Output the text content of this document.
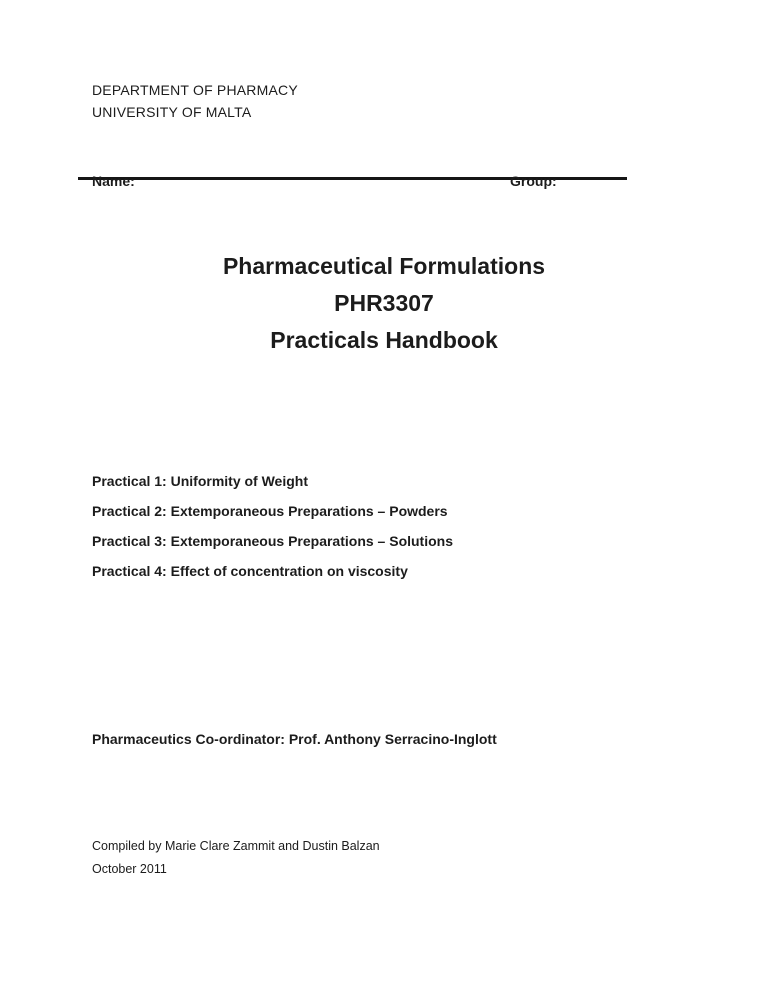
DEPARTMENT OF PHARMACY
UNIVERSITY OF MALTA
Name:	Group:
Pharmaceutical Formulations
PHR3307
Practicals Handbook
Practical 1: Uniformity of Weight
Practical 2: Extemporaneous Preparations – Powders
Practical 3: Extemporaneous Preparations – Solutions
Practical 4: Effect of concentration on viscosity
Pharmaceutics Co-ordinator: Prof. Anthony Serracino-Inglott
Compiled by Marie Clare Zammit and Dustin Balzan
October 2011
